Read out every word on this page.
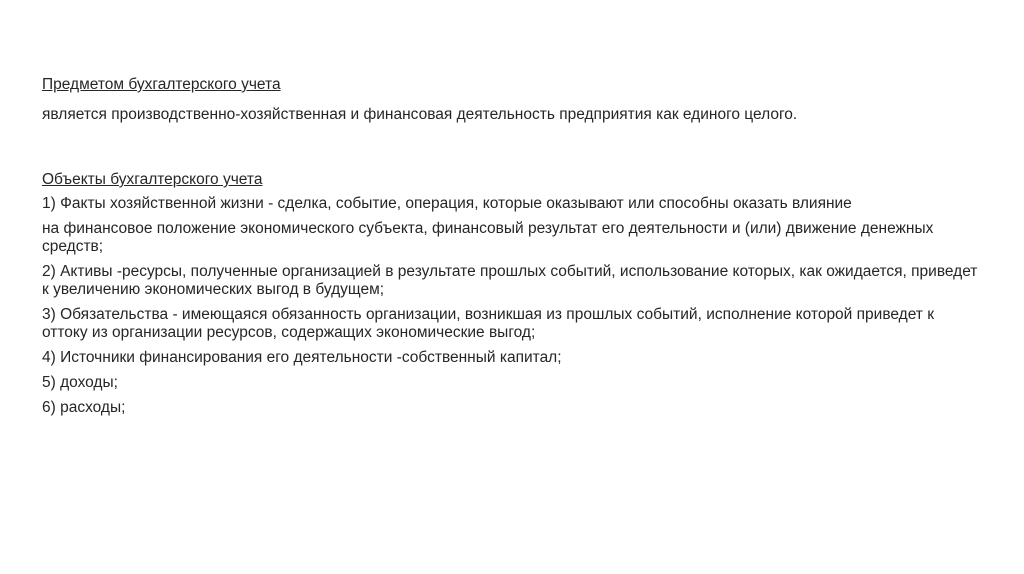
Предметом бухгалтерского учета

является производственно-хозяйственная и финансовая деятельность предприятия как единого целого.

Объекты бухгалтерского учета

1) Факты хозяйственной жизни - сделка, событие, операция, которые оказывают или способны оказать влияние

на финансовое положение экономического субъекта, финансовый результат его деятельности и (или) движение денежных средств;

2) Активы -ресурсы, полученные организацией в результате прошлых событий, использование которых, как ожидается, приведет к увеличению экономических выгод в будущем;

3) Обязательства - имеющаяся обязанность организации, возникшая из прошлых событий, исполнение которой приведет к оттоку из организации ресурсов, содержащих экономические выгод;

4) Источники финансирования его деятельности -собственный капитал;

5) доходы;

6) расходы;
